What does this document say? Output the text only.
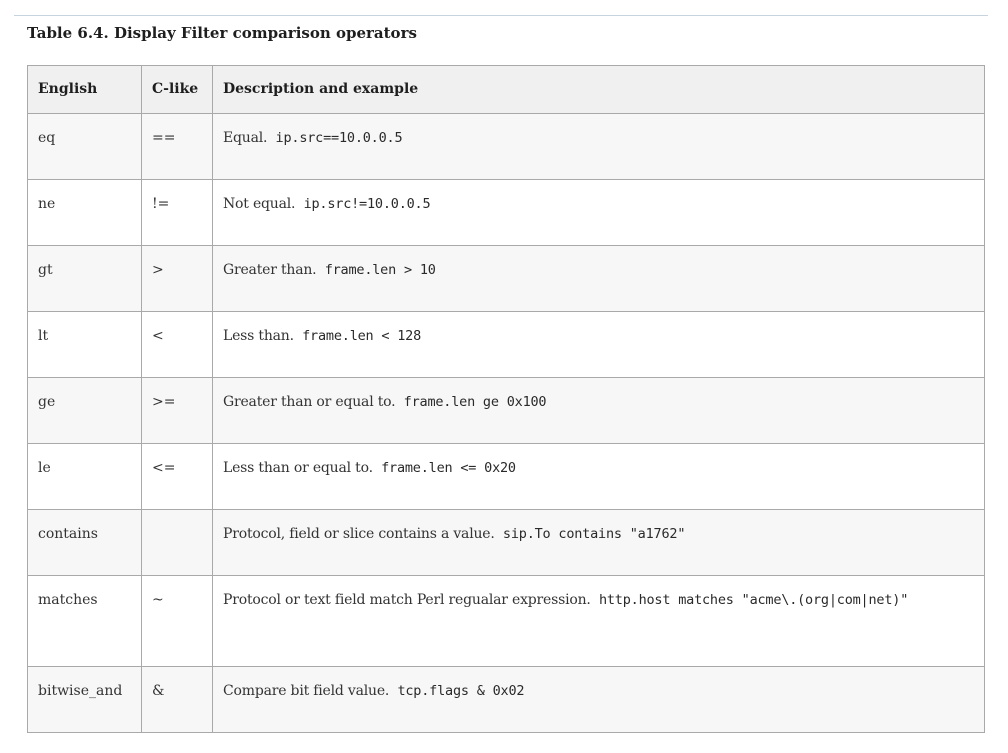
Table 6.4. Display Filter comparison operators
English	C-like	Description and example
eq	==	Equal. ip.src==10.0.0.5
ne	!=	Not equal. ip.src!=10.0.0.5
gt	>	Greater than. frame.len > 10
lt	<	Less than. frame.len < 128
ge	>=	Greater than or equal to. frame.len ge 0x100
le	<=	Less than or equal to. frame.len <= 0x20
contains		Protocol, field or slice contains a value. sip.To contains "a1762"
matches	~	Protocol or text field match Perl regualar expression. http.host matches "acme\.(org|com|net)"
bitwise_and	&	Compare bit field value. tcp.flags & 0x02
